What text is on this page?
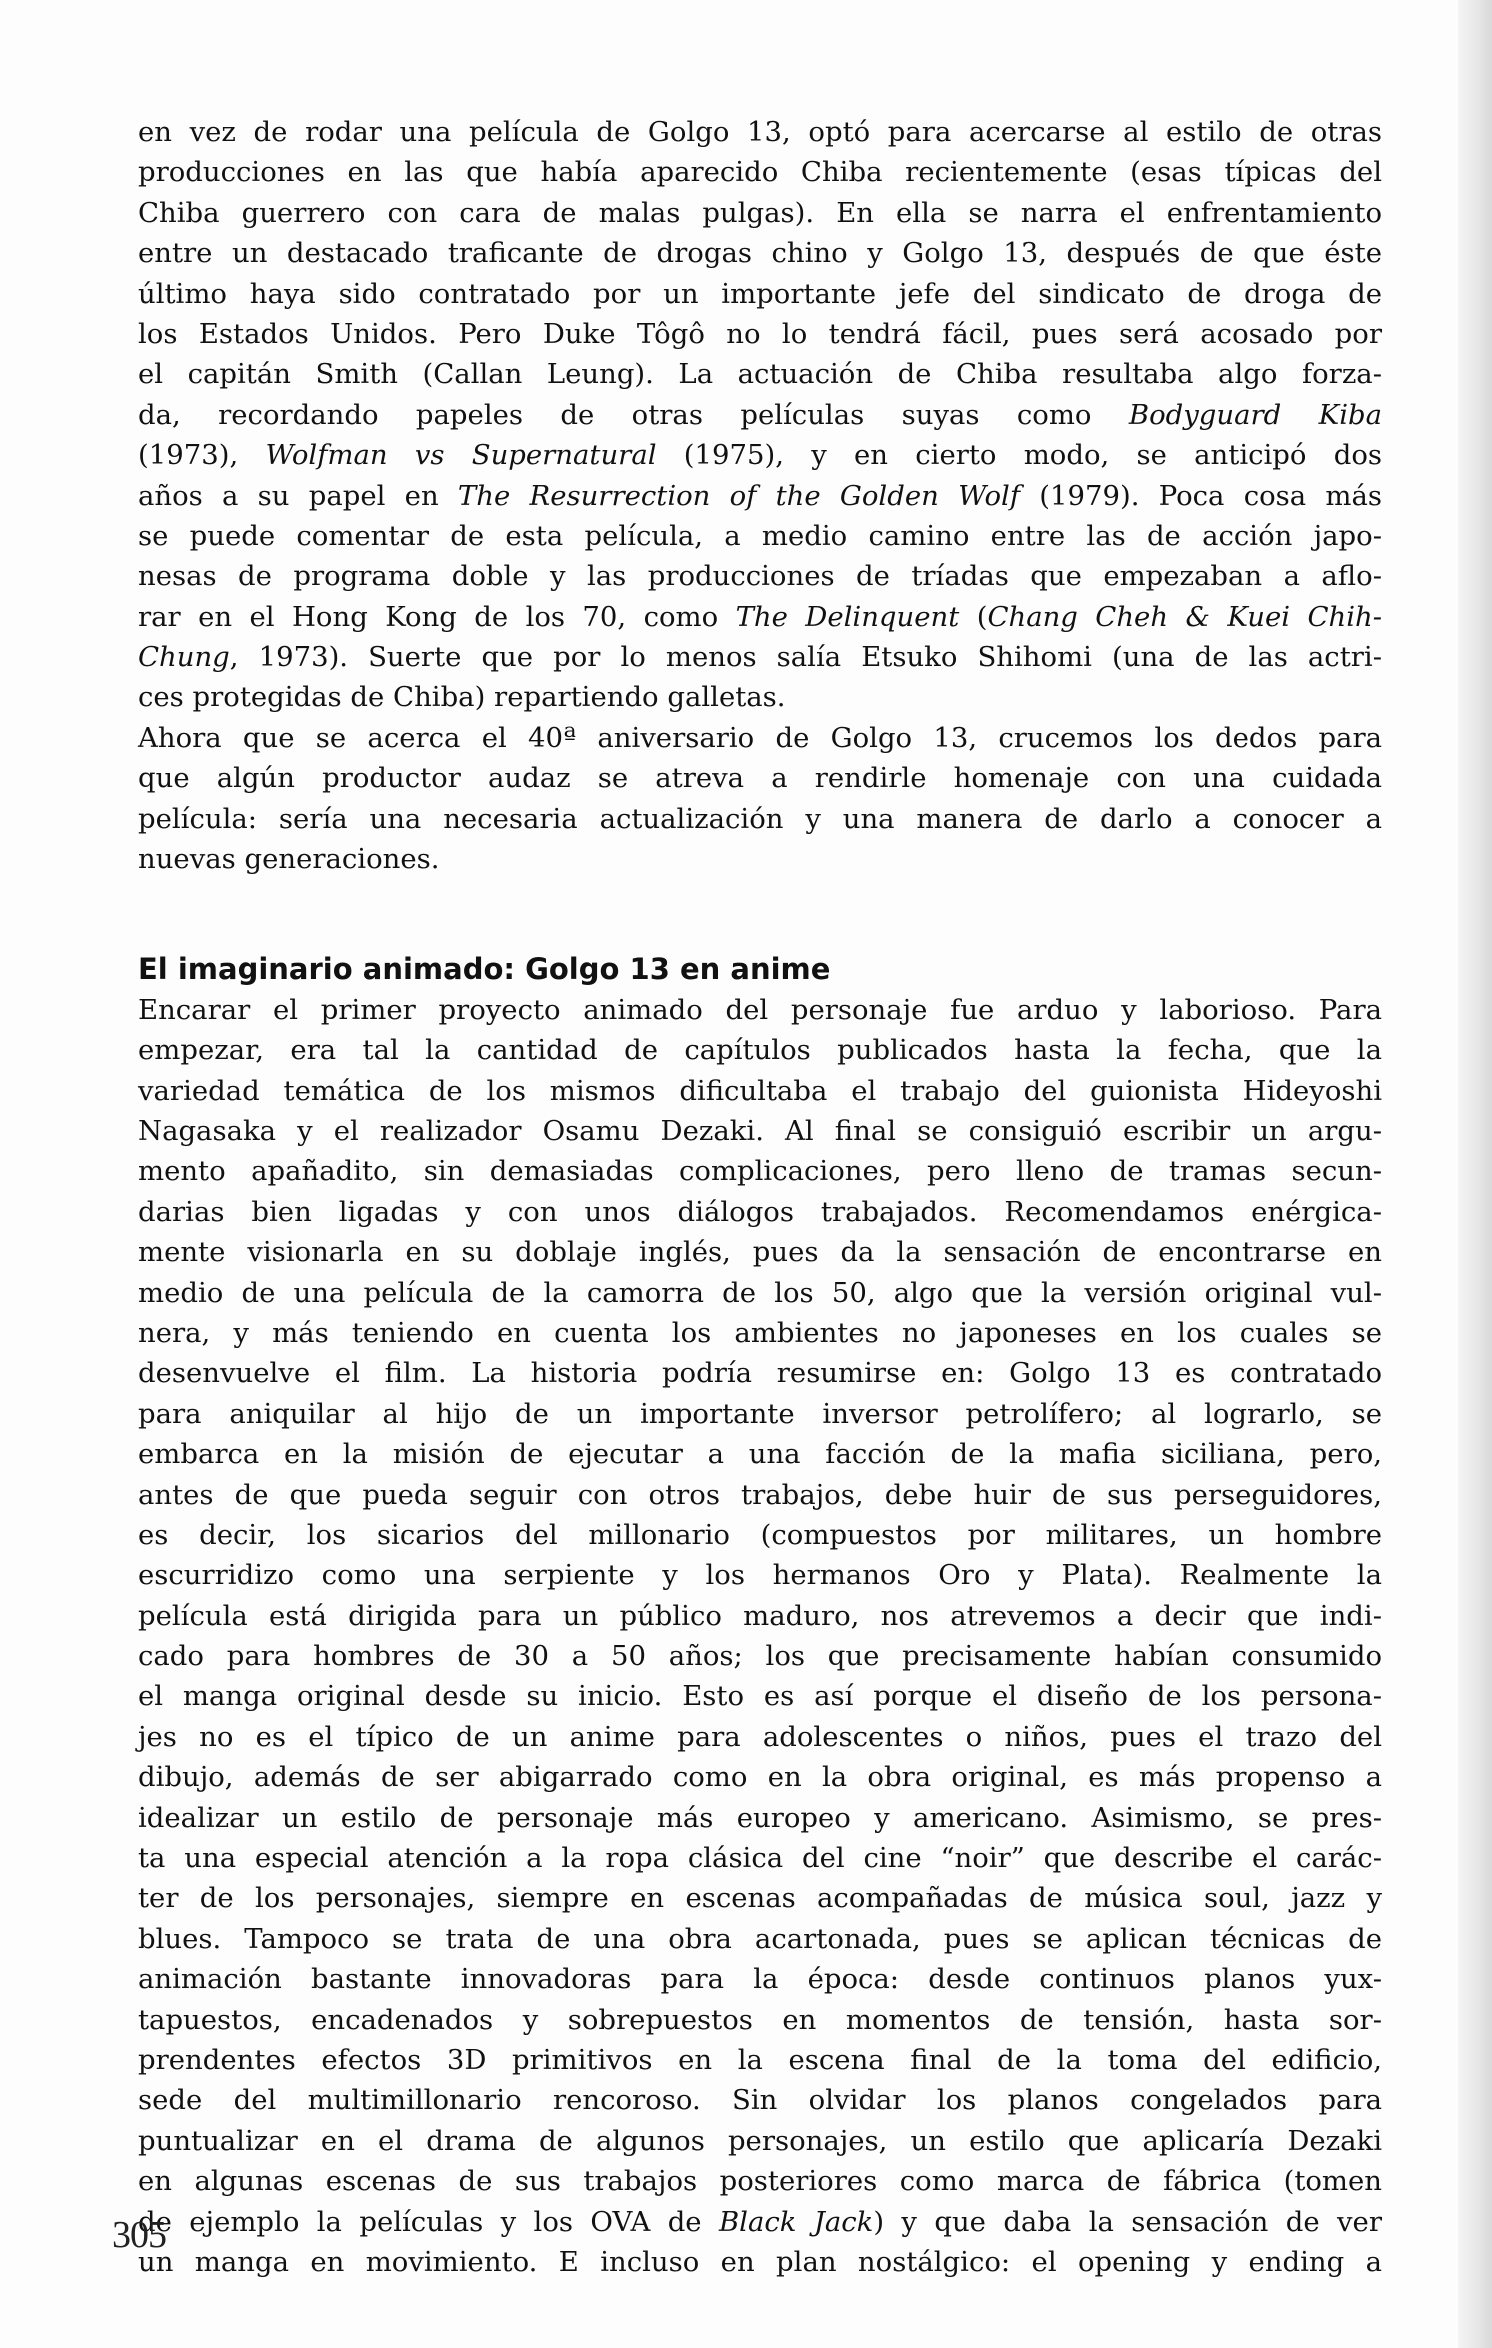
en vez de rodar una película de Golgo 13, optó para acercarse al estilo de otras
producciones en las que había aparecido Chiba recientemente (esas típicas del
Chiba guerrero con cara de malas pulgas). En ella se narra el enfrentamiento
entre un destacado traficante de drogas chino y Golgo 13, después de que éste
último haya sido contratado por un importante jefe del sindicato de droga de
los Estados Unidos. Pero Duke Tôgô no lo tendrá fácil, pues será acosado por
el capitán Smith (Callan Leung). La actuación de Chiba resultaba algo forza-
da, recordando papeles de otras películas suyas como Bodyguard Kiba
(1973), Wolfman vs Supernatural (1975), y en cierto modo, se anticipó dos
años a su papel en The Resurrection of the Golden Wolf (1979). Poca cosa más
se puede comentar de esta película, a medio camino entre las de acción japo-
nesas de programa doble y las producciones de tríadas que empezaban a aflo-
rar en el Hong Kong de los 70, como The Delinquent (Chang Cheh & Kuei Chih-
Chung, 1973). Suerte que por lo menos salía Etsuko Shihomi (una de las actri-
ces protegidas de Chiba) repartiendo galletas.
Ahora que se acerca el 40ª aniversario de Golgo 13, crucemos los dedos para
que algún productor audaz se atreva a rendirle homenaje con una cuidada
película: sería una necesaria actualización y una manera de darlo a conocer a
nuevas generaciones.
El imaginario animado: Golgo 13 en anime
Encarar el primer proyecto animado del personaje fue arduo y laborioso. Para
empezar, era tal la cantidad de capítulos publicados hasta la fecha, que la
variedad temática de los mismos dificultaba el trabajo del guionista Hideyoshi
Nagasaka y el realizador Osamu Dezaki. Al final se consiguió escribir un argu-
mento apañadito, sin demasiadas complicaciones, pero lleno de tramas secun-
darias bien ligadas y con unos diálogos trabajados. Recomendamos enérgica-
mente visionarla en su doblaje inglés, pues da la sensación de encontrarse en
medio de una película de la camorra de los 50, algo que la versión original vul-
nera, y más teniendo en cuenta los ambientes no japoneses en los cuales se
desenvuelve el film. La historia podría resumirse en: Golgo 13 es contratado
para aniquilar al hijo de un importante inversor petrolífero; al lograrlo, se
embarca en la misión de ejecutar a una facción de la mafia siciliana, pero,
antes de que pueda seguir con otros trabajos, debe huir de sus perseguidores,
es decir, los sicarios del millonario (compuestos por militares, un hombre
escurridizo como una serpiente y los hermanos Oro y Plata). Realmente la
película está dirigida para un público maduro, nos atrevemos a decir que indi-
cado para hombres de 30 a 50 años; los que precisamente habían consumido
el manga original desde su inicio. Esto es así porque el diseño de los persona-
jes no es el típico de un anime para adolescentes o niños, pues el trazo del
dibujo, además de ser abigarrado como en la obra original, es más propenso a
idealizar un estilo de personaje más europeo y americano. Asimismo, se pres-
ta una especial atención a la ropa clásica del cine “noir” que describe el carác-
ter de los personajes, siempre en escenas acompañadas de música soul, jazz y
blues. Tampoco se trata de una obra acartonada, pues se aplican técnicas de
animación bastante innovadoras para la época: desde continuos planos yux-
tapuestos, encadenados y sobrepuestos en momentos de tensión, hasta sor-
prendentes efectos 3D primitivos en la escena final de la toma del edificio,
sede del multimillonario rencoroso. Sin olvidar los planos congelados para
puntualizar en el drama de algunos personajes, un estilo que aplicaría Dezaki
en algunas escenas de sus trabajos posteriores como marca de fábrica (tomen
de ejemplo la películas y los OVA de Black Jack) y que daba la sensación de ver
un manga en movimiento. E incluso en plan nostálgico: el opening y ending a
305
